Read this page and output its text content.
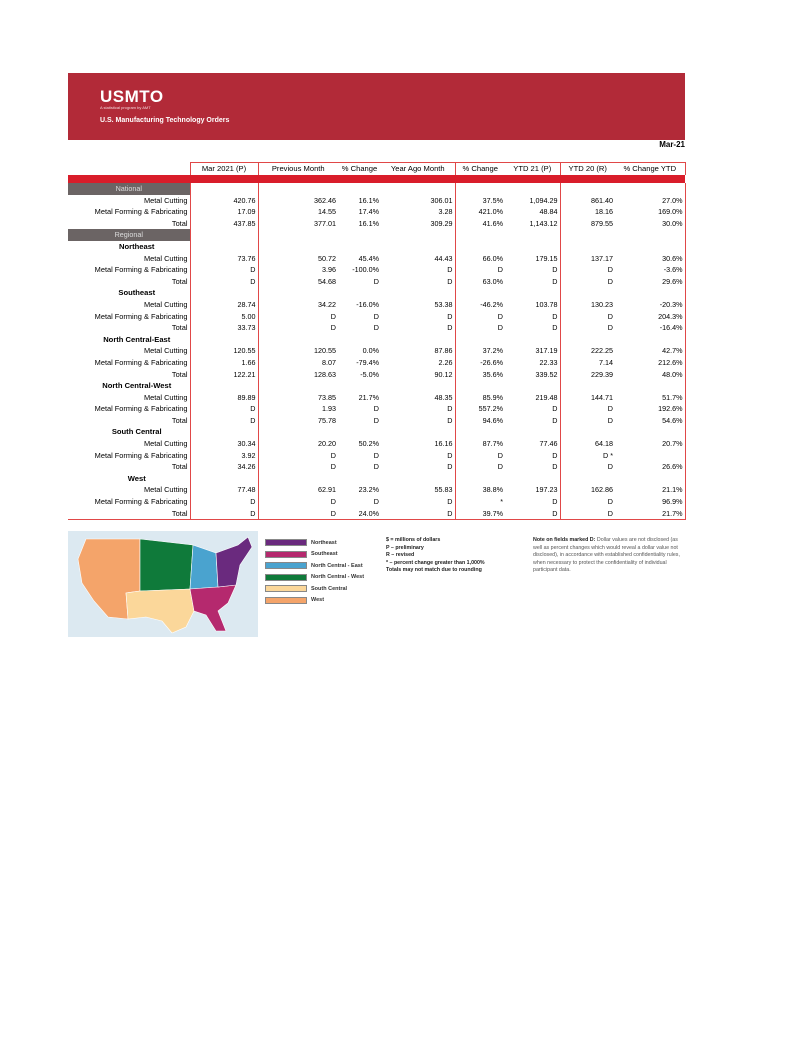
USMTO
A statistical program by AMT
U.S. Manufacturing Technology Orders
Mar-21
	Mar 2021 (P)	Previous Month	% Change	Year Ago Month	% Change	YTD 21 (P)	YTD 20 (R)	% Change YTD

National								
Metal Cutting	420.76	362.46	16.1%	306.01	37.5%	1,094.29	861.40	27.0%
Metal Forming & Fabricating	17.09	14.55	17.4%	3.28	421.0%	48.84	18.16	169.0%
Total	437.85	377.01	16.1%	309.29	41.6%	1,143.12	879.55	30.0%
Regional								
Northeast								
Metal Cutting	73.76	50.72	45.4%	44.43	66.0%	179.15	137.17	30.6%
Metal Forming & Fabricating	D	3.96	-100.0%	D	D	D	D	-3.6%
Total	D	54.68	D	D	63.0%	D	D	29.6%
Southeast								
Metal Cutting	28.74	34.22	-16.0%	53.38	-46.2%	103.78	130.23	-20.3%
Metal Forming & Fabricating	5.00	D	D	D	D	D	D	204.3%
Total	33.73	D	D	D	D	D	D	-16.4%
North Central-East								
Metal Cutting	120.55	120.55	0.0%	87.86	37.2%	317.19	222.25	42.7%
Metal Forming & Fabricating	1.66	8.07	-79.4%	2.26	-26.6%	22.33	7.14	212.6%
Total	122.21	128.63	-5.0%	90.12	35.6%	339.52	229.39	48.0%
North Central-West								
Metal Cutting	89.89	73.85	21.7%	48.35	85.9%	219.48	144.71	51.7%
Metal Forming & Fabricating	D	1.93	D	D	557.2%	D	D	192.6%
Total	D	75.78	D	D	94.6%	D	D	54.6%
South Central								
Metal Cutting	30.34	20.20	50.2%	16.16	87.7%	77.46	64.18	20.7%
Metal Forming & Fabricating	3.92	D	D	D	D	D	D *	
Total	34.26	D	D	D	D	D	D	26.6%
West								
Metal Cutting	77.48	62.91	23.2%	55.83	38.8%	197.23	162.86	21.1%
Metal Forming & Fabricating	D	D	D	D	*	D	D	96.9%
Total	D	D	24.0%	D	39.7%	D	D	21.7%
Northeast
Southeast
North Central - East
North Central - West
South Central
West
$ = millions of dollars
P – preliminary
R – revised
* – percent change greater than 1,000%
Totals may not match due to rounding
Note on fields marked D: Dollar values are not disclosed (as well as percent changes which would reveal a dollar value not disclosed), in accordance with established confidentiality rules, when necessary to protect the confidentiality of individual participant data.
